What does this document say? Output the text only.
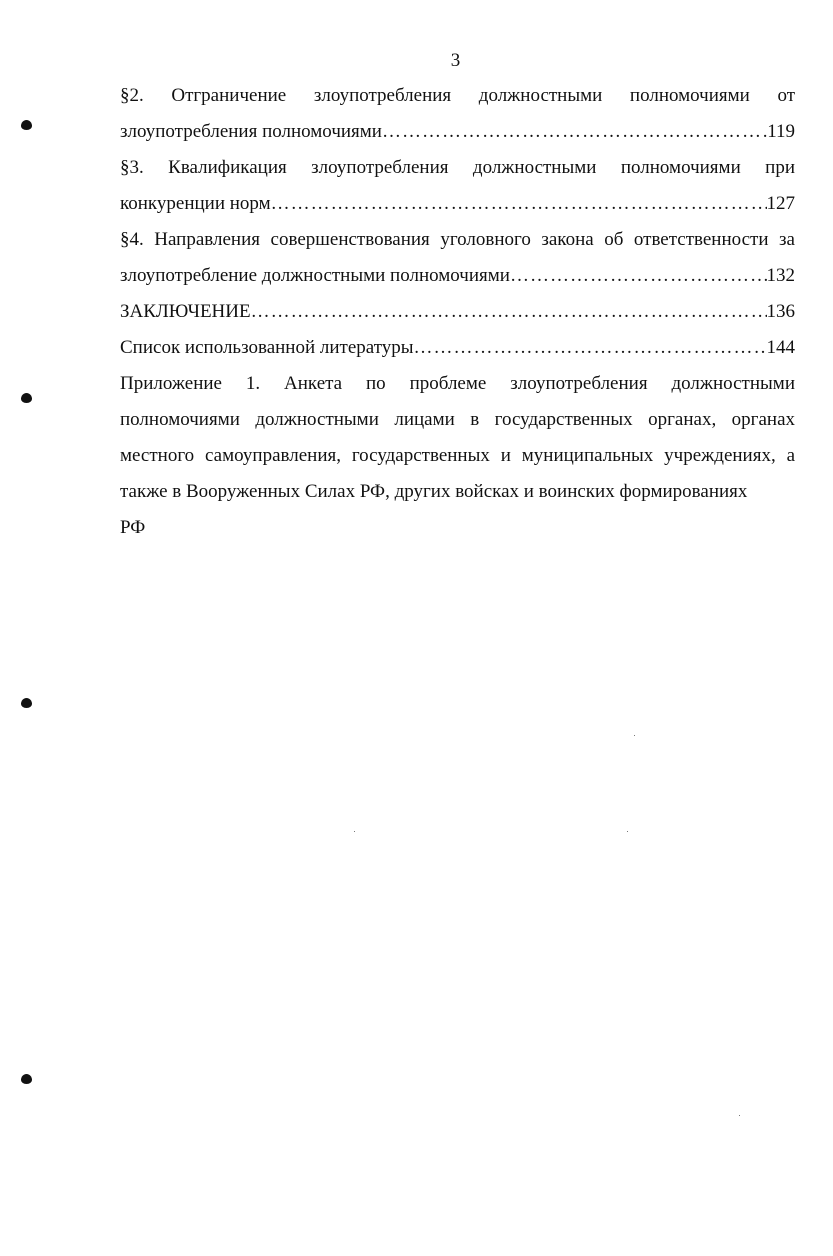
3
§2. Отграничение злоупотребления должностными полномочиями от
злоупотребления полномочиями ………………………………………………………………………………………………………………………………………………………………………………	119
§3. Квалификация злоупотребления должностными полномочиями при
конкуренции норм ………………………………………………………………………………………………………………………………………………………………………………	127
§4. Направления совершенствования уголовного закона об ответственности за
злоупотребление должностными полномочиями ………………………………………………………………………………………………………………………………………………………………………………	132
ЗАКЛЮЧЕНИЕ ………………………………………………………………………………………………………………………………………………………………………………	136
Список использованной литературы ………………………………………………………………………………………………………………………………………………………………………………	144
Приложение 1. Анкета по проблеме злоупотребления должностными полномочиями должностными лицами в государственных органах, органах местного самоуправления, государственных и муниципальных учреждениях, а также в Вооруженных Силах РФ, других войсках и воинских формированиях
РФ
